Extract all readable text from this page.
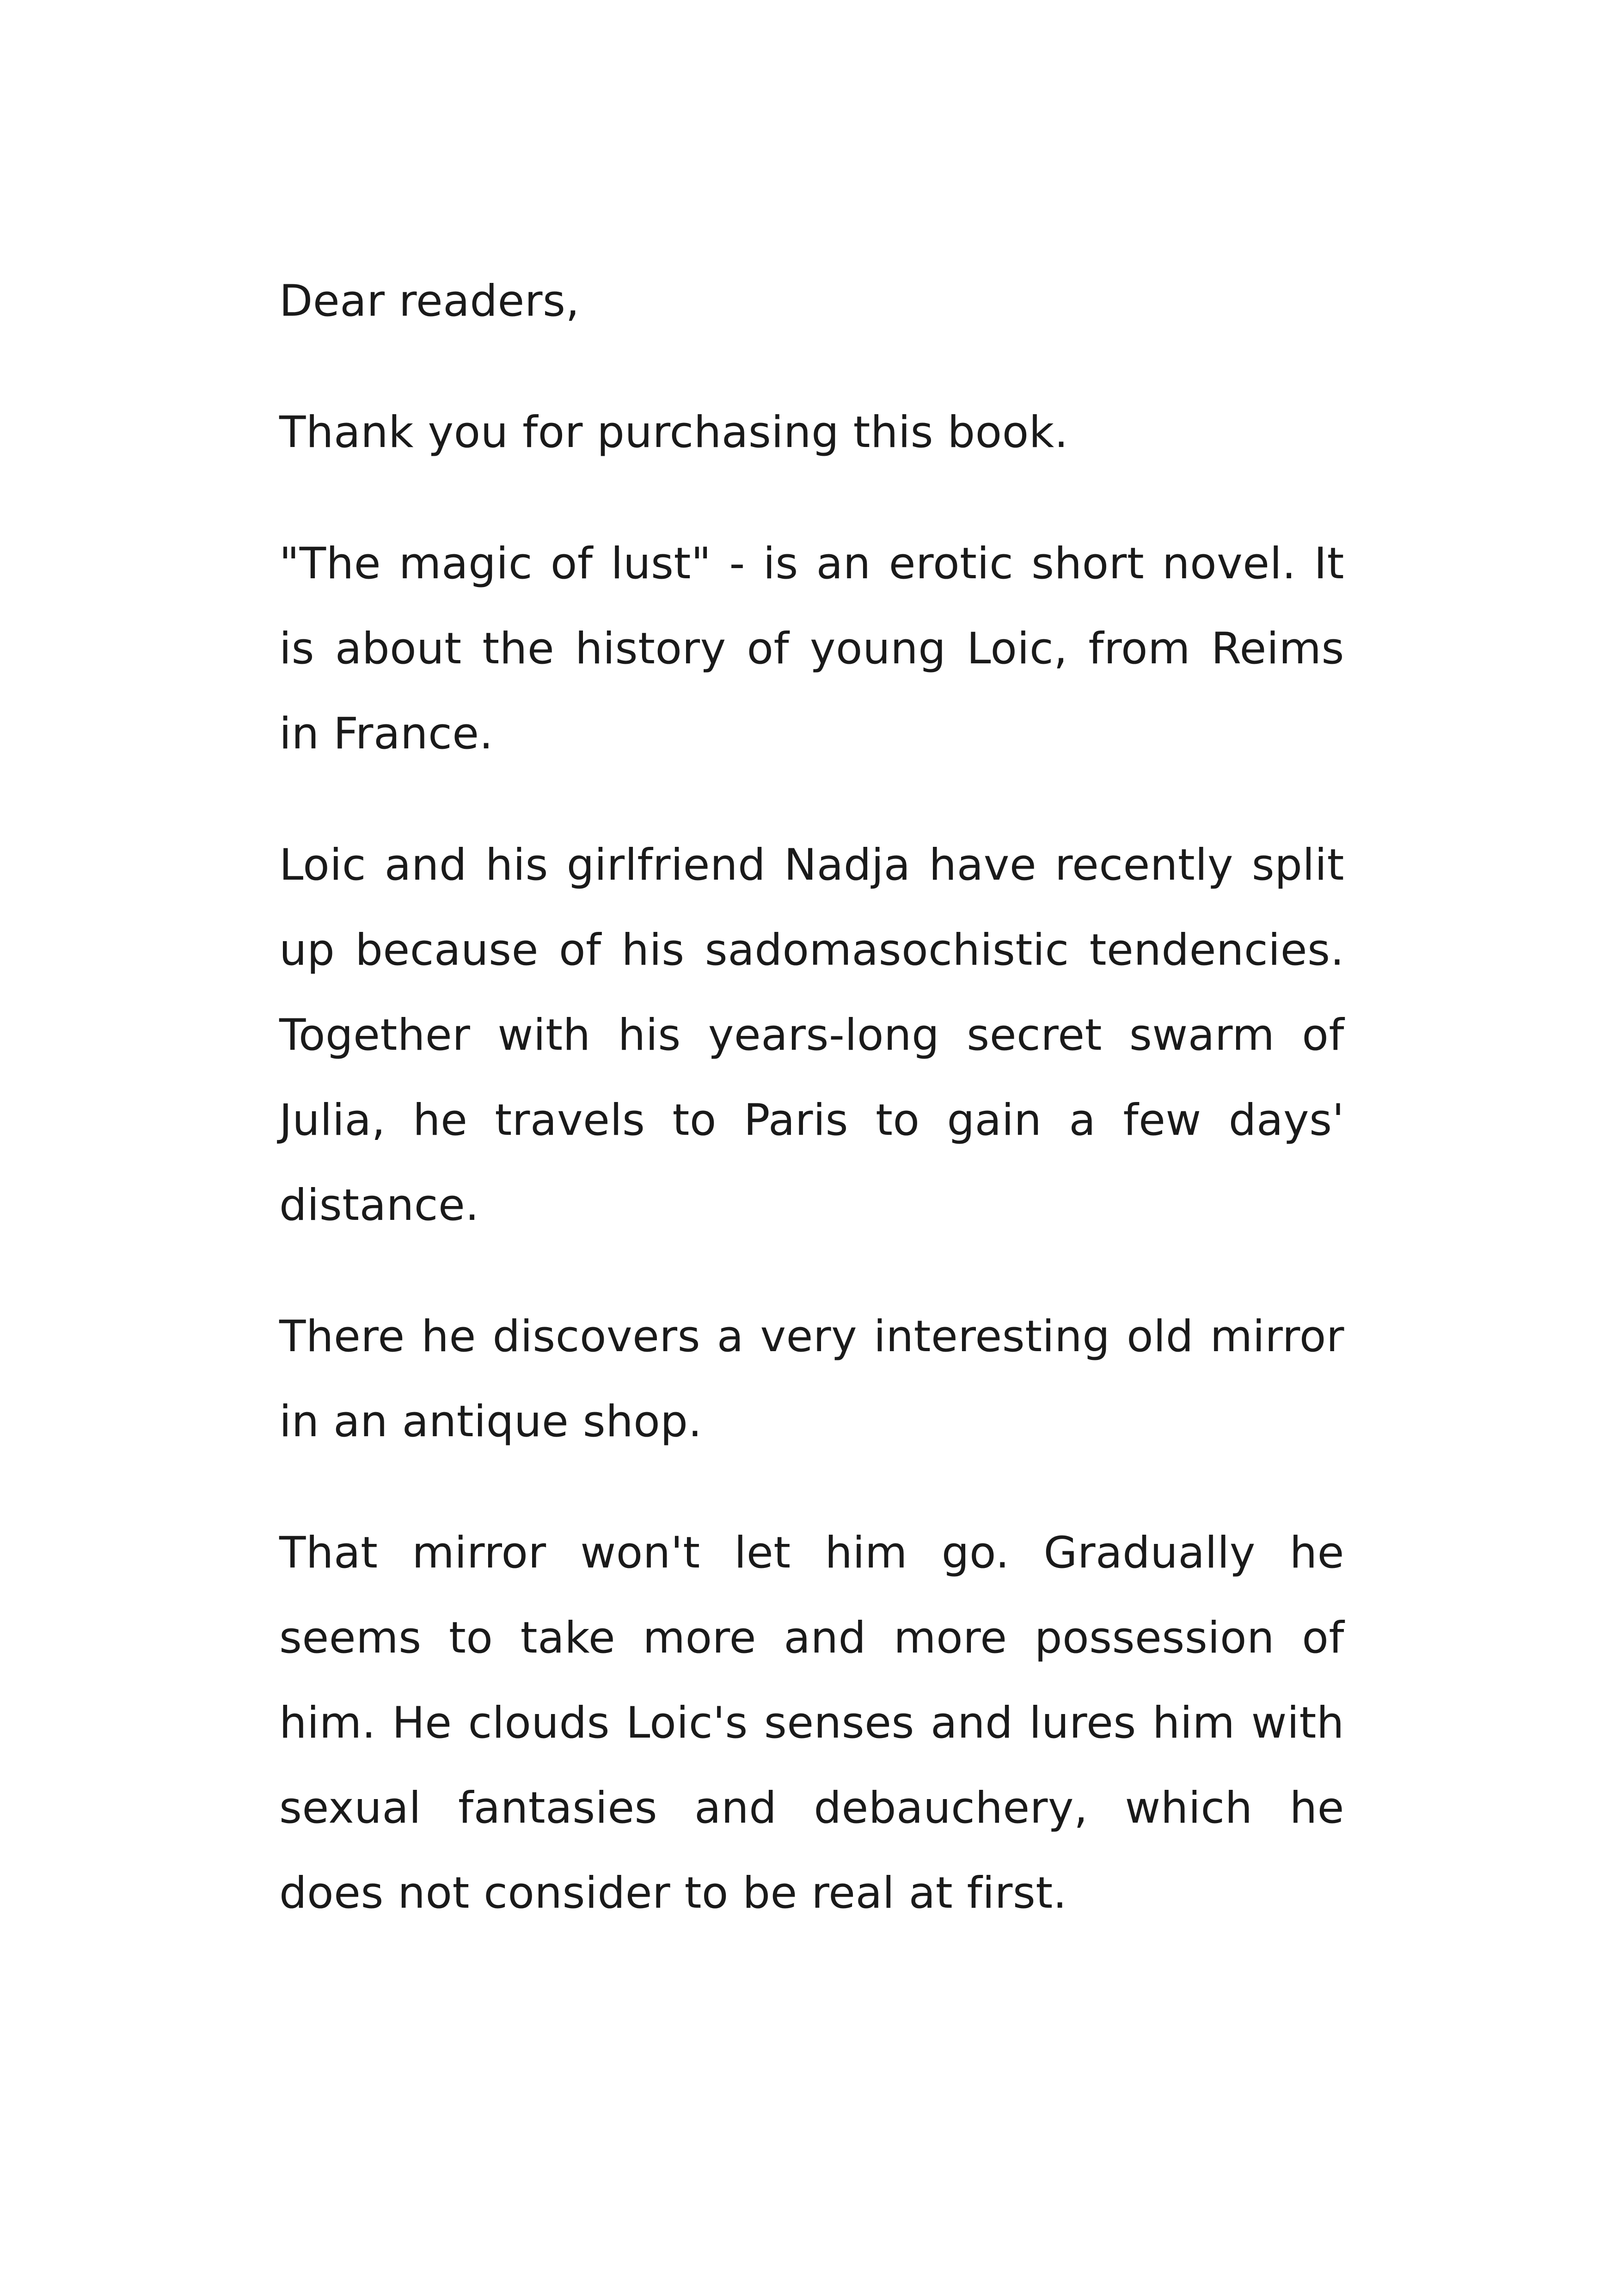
Dear readers,

Thank you for purchasing this book.

"The magic of lust" - is an erotic short novel. It is about the history of young Loic, from Reims in France.

Loic and his girlfriend Nadja have recently split up because of his sadomasochistic tendencies. Together with his years-long secret swarm of Julia, he travels to Paris to gain a few days' distance.

There he discovers a very interesting old mirror in an antique shop.

That mirror won't let him go. Gradually he seems to take more and more possession of him. He clouds Loic's senses and lures him with sexual fantasies and debauchery, which he does not consider to be real at first.
